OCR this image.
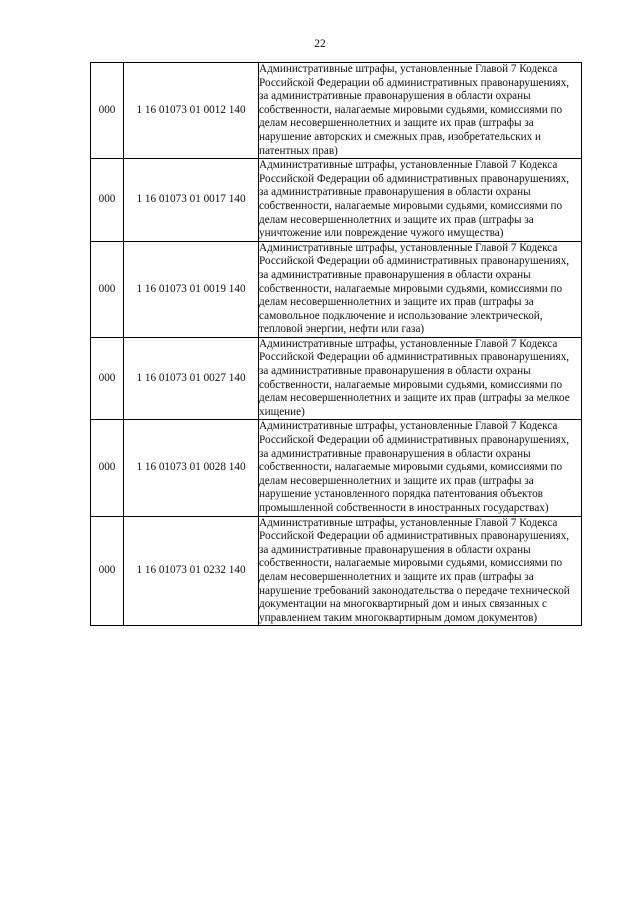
22
000	1 16 01073 01 0012 140	Административные штрафы, установленные Главой 7 Кодекса Российской Федерации об административных правонарушениях, за административные правонарушения в области охраны собственности, налагаемые мировыми судьями, комиссиями по делам несовершеннолетних и защите их прав (штрафы за нарушение авторских и смежных прав, изобретательских и патентных прав)
000	1 16 01073 01 0017 140	Административные штрафы, установленные Главой 7 Кодекса Российской Федерации об административных правонарушениях, за административные правонарушения в области охраны собственности, налагаемые мировыми судьями, комиссиями по делам несовершеннолетних и защите их прав (штрафы за уничтожение или повреждение чужого имущества)
000	1 16 01073 01 0019 140	Административные штрафы, установленные Главой 7 Кодекса Российской Федерации об административных правонарушениях, за административные правонарушения в области охраны собственности, налагаемые мировыми судьями, комиссиями по делам несовершеннолетних и защите их прав (штрафы за самовольное подключение и использование электрической, тепловой энергии, нефти или газа)
000	1 16 01073 01 0027 140	Административные штрафы, установленные Главой 7 Кодекса Российской Федерации об административных правонарушениях, за административные правонарушения в области охраны собственности, налагаемые мировыми судьями, комиссиями по делам несовершеннолетних и защите их прав (штрафы за мелкое хищение)
000	1 16 01073 01 0028 140	Административные штрафы, установленные Главой 7 Кодекса Российской Федерации об административных правонарушениях, за административные правонарушения в области охраны собственности, налагаемые мировыми судьями, комиссиями по делам несовершеннолетних и защите их прав (штрафы за нарушение установленного порядка патентования объектов промышленной собственности в иностранных государствах)
000	1 16 01073 01 0232 140	Административные штрафы, установленные Главой 7 Кодекса Российской Федерации об административных правонарушениях, за административные правонарушения в области охраны собственности, налагаемые мировыми судьями, комиссиями по делам несовершеннолетних и защите их прав (штрафы за нарушение требований законодательства о передаче технической документации на многоквартирный дом и иных связанных с управлением таким многоквартирным домом документов)
